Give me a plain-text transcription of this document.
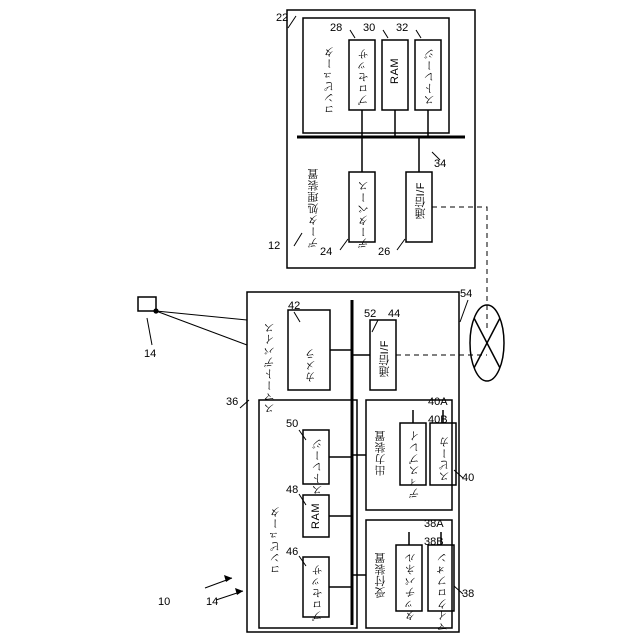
データ処理装置
12
コンピュータ
22
プロセッサ
28
RAM
30
ストレージ
32
データベース
24
通信I/F
26
34
スマートデバイス
36
カメラ
42
通信I/F
44
52
コンピュータ
14
ストレージ
50
RAM
48
プロセッサ
46
出力装置
40
ディスプレイ
40A
スピーカ
40B
受付装置	38
タッチパネル
38A
マイクロフォン
38B
54
14
10
